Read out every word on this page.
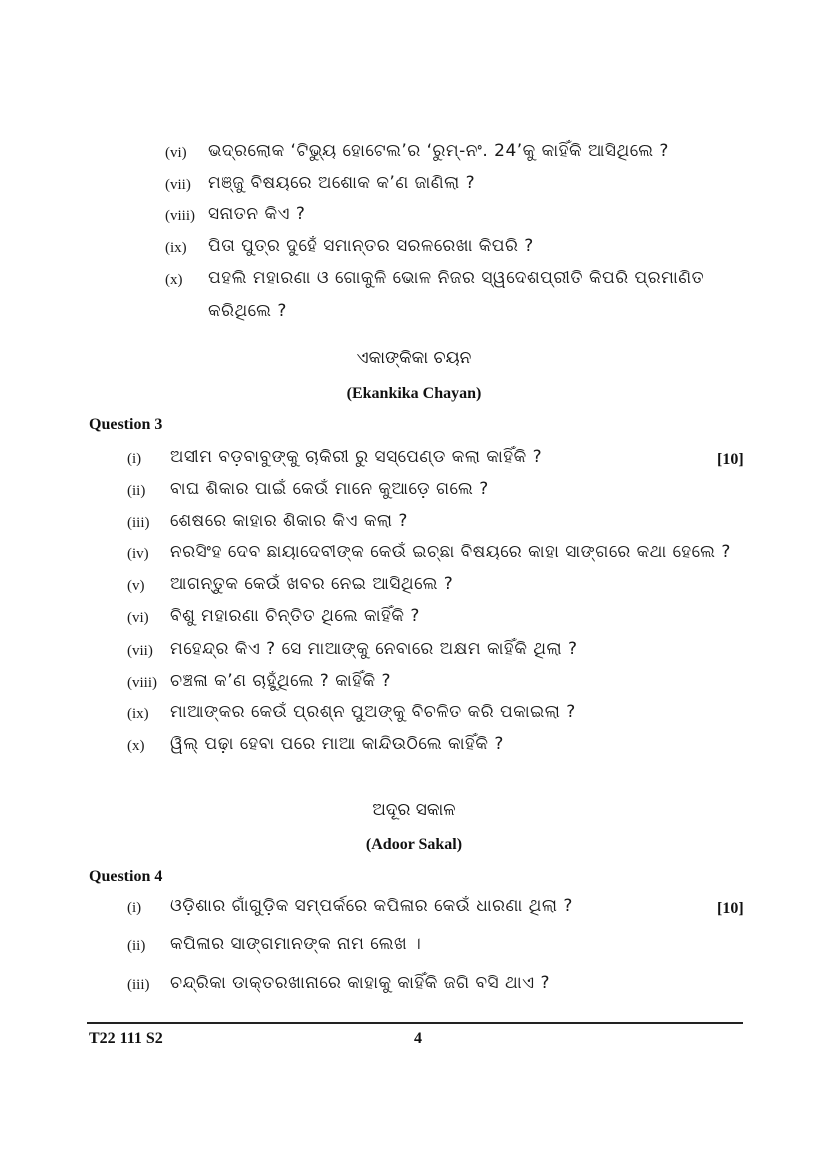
(vi) ଭଦ୍ରଲୋକ ‘ଟିଭ୍ୟୁ ହୋଟେଲ’ର ‘ରୁମ୍-ନଂ. 24’କୁ କାହିଁକି ଆସିଥିଲେ ?
(vii) ମଞ୍ଜୁ ବିଷୟରେ ଅଶୋକ କ’ଣ ଜାଣିଲା ?
(viii) ସନାତନ କିଏ ?
(ix) ପିତା ପୁତ୍ର ଦୁହେଁ ସମାନ୍ତର ସରଳରେଖା କିପରି ?
(x) ପହଲି ମହାରଣା ଓ ଗୋକୁଳି ଭୋଳ ନିଜର ସ୍ୱଦେଶପ୍ରୀତି କିପରି ପ୍ରମାଣିତ
କରିଥିଲେ ?
ଏକାଙ୍କିକା ଚୟନ
(Ekankika Chayan)
Question 3
[10]
(i) ଅସୀମ ବଡ଼ବାବୁଙ୍କୁ ଚାକିରୀ ରୁ ସସ୍‌ପେଣ୍ଡ କଲା କାହିଁକି ?
(ii) ବାଘ ଶିକାର ପାଇଁ କେଉଁ ମାନେ କୁଆଡ଼େ ଗଲେ ?
(iii) ଶେଷରେ କାହାର ଶିକାର କିଏ କଲା ?
(iv) ନରସିଂହ ଦେବ ଛାୟାଦେବୀଙ୍କ କେଉଁ ଇଚ୍ଛା ବିଷୟରେ କାହା ସାଙ୍ଗରେ କଥା ହେଲେ ?
(v) ଆଗନ୍ତୁକ କେଉଁ ଖବର ନେଇ ଆସିଥିଲେ ?
(vi) ବିଶୁ ମହାରଣା ଚିନ୍ତିତ ଥିଲେ କାହିଁକି ?
(vii) ମହେନ୍ଦ୍ର କିଏ ? ସେ ମାଆଙ୍କୁ ନେବାରେ ଅକ୍ଷମ କାହିଁକି ଥିଲା ?
(viii) ଚଞ୍ଚଳା କ’ଣ ଚାହୁଁଥିଲେ ? କାହିଁକି ?
(ix) ମାଆଙ୍କର କେଉଁ ପ୍ରଶ୍ନ ପୁଅଙ୍କୁ ବିଚଳିତ କରି ପକାଇଲା ?
(x) ୱିଲ୍ ପଢ଼ା ହେବା ପରେ ମାଆ କାନ୍ଦିଉଠିଲେ କାହିଁକି ?
ଅଦୂର ସକାଳ
(Adoor Sakal)
Question 4
[10]
(i) ଓଡ଼ିଶାର ଗାଁଗୁଡ଼ିକ ସମ୍ପର୍କରେ କପିଳାର କେଉଁ ଧାରଣା ଥିଲା ?
(ii) କପିଳାର ସାଙ୍ଗମାନଙ୍କ ନାମ ଲେଖ ।
(iii) ଚନ୍ଦ୍ରିକା ଡାକ୍ତରଖାନାରେ କାହାକୁ କାହିଁକି ଜଗି ବସି ଥାଏ ?
T22 111 S2	4
